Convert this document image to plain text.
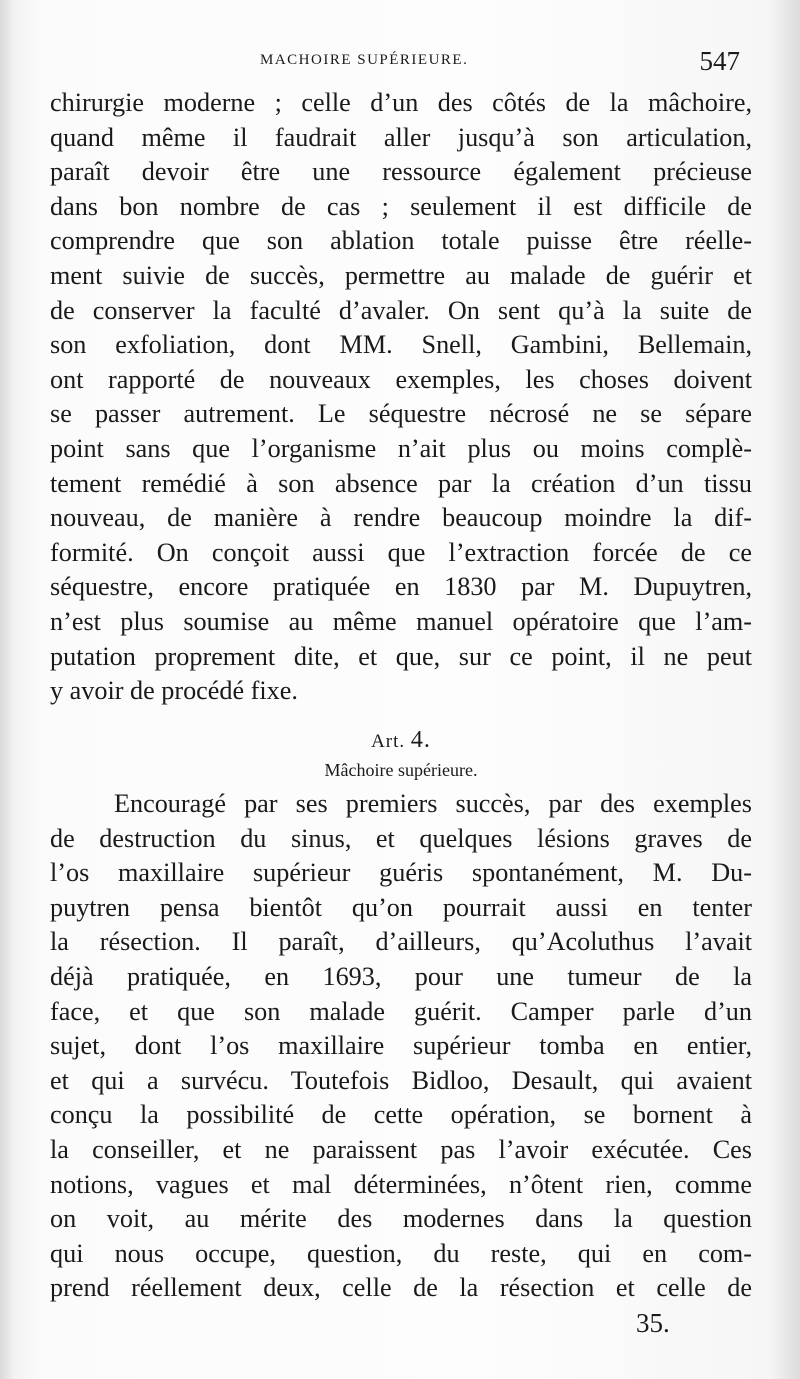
MACHOIRE SUPÉRIEURE.	547
chirurgie moderne ; celle d’un des côtés de la mâchoire,
quand même il faudrait aller jusqu’à son articulation,
paraît devoir être une ressource également précieuse
dans bon nombre de cas ; seulement il est difficile de
comprendre que son ablation totale puisse être réelle-
ment suivie de succès, permettre au malade de guérir et
de conserver la faculté d’avaler. On sent qu’à la suite de
son exfoliation, dont MM. Snell, Gambini, Bellemain,
ont rapporté de nouveaux exemples, les choses doivent
se passer autrement. Le séquestre nécrosé ne se sépare
point sans que l’organisme n’ait plus ou moins complè-
tement remédié à son absence par la création d’un tissu
nouveau, de manière à rendre beaucoup moindre la dif-
formité. On conçoit aussi que l’extraction forcée de ce
séquestre, encore pratiquée en 1830 par M. Dupuytren,
n’est plus soumise au même manuel opératoire que l’am-
putation proprement dite, et que, sur ce point, il ne peut
y avoir de procédé fixe.
Art. 4.
Mâchoire supérieure.
Encouragé par ses premiers succès, par des exemples
de destruction du sinus, et quelques lésions graves de
l’os maxillaire supérieur guéris spontanément, M. Du-
puytren pensa bientôt qu’on pourrait aussi en tenter
la résection. Il paraît, d’ailleurs, qu’Acoluthus l’avait
déjà pratiquée, en 1693, pour une tumeur de la
face, et que son malade guérit. Camper parle d’un
sujet, dont l’os maxillaire supérieur tomba en entier,
et qui a survécu. Toutefois Bidloo, Desault, qui avaient
conçu la possibilité de cette opération, se bornent à
la conseiller, et ne paraissent pas l’avoir exécutée. Ces
notions, vagues et mal déterminées, n’ôtent rien, comme
on voit, au mérite des modernes dans la question
qui nous occupe, question, du reste, qui en com-
prend réellement deux, celle de la résection et celle de
35.
